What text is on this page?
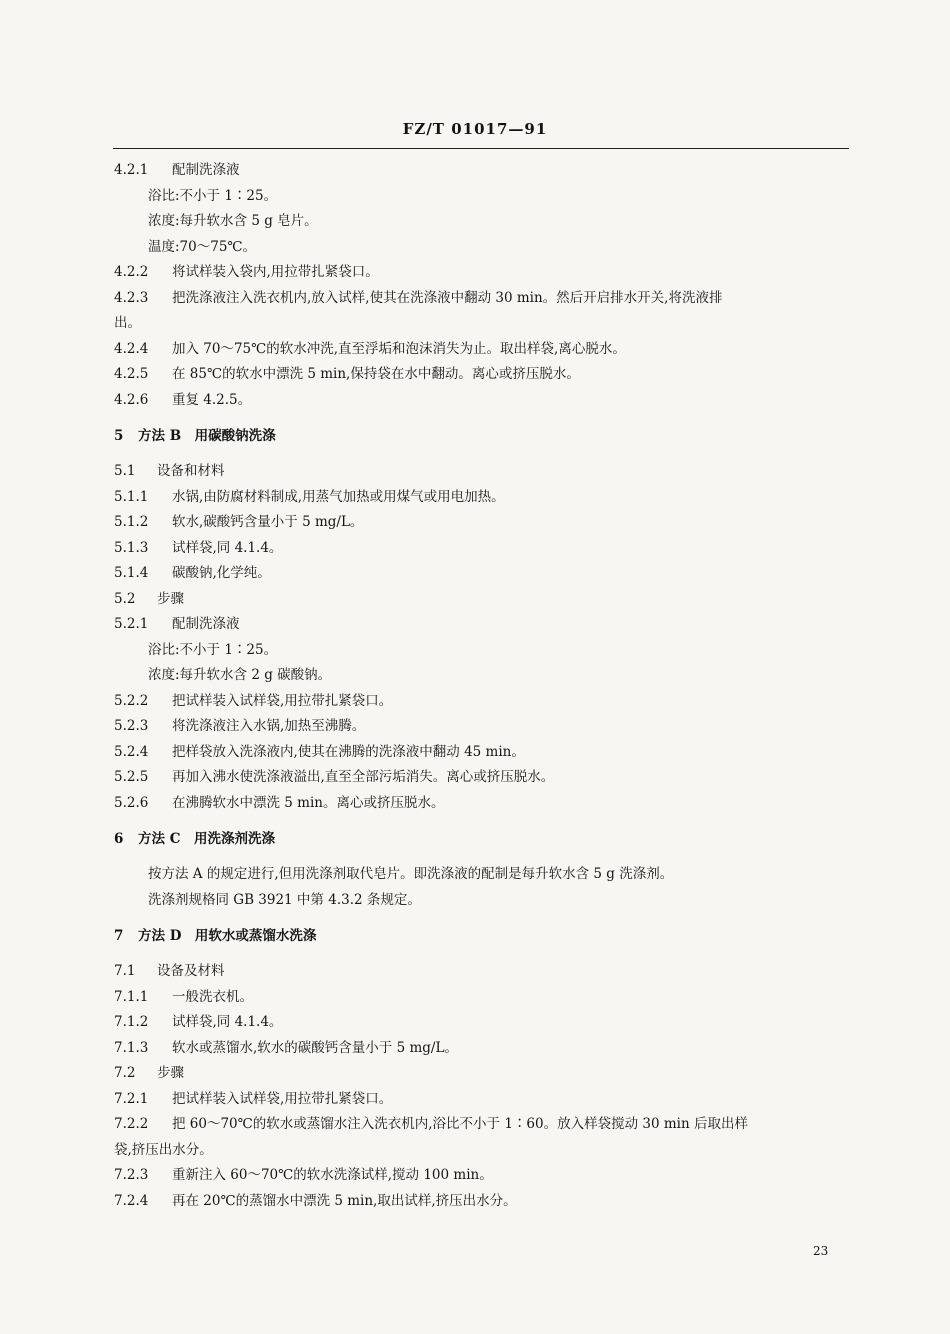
FZ/T 01017—91
4.2.1 配制洗涤液
浴比:不小于 1∶25。
浓度:每升软水含 5 g 皂片。
温度:70～75℃。
4.2.2 将试样装入袋内,用拉带扎紧袋口。
4.2.3 把洗涤液注入洗衣机内,放入试样,使其在洗涤液中翻动 30 min。然后开启排水开关,将洗液排
出。
4.2.4 加入 70～75℃的软水冲洗,直至浮垢和泡沫消失为止。取出样袋,离心脱水。
4.2.5 在 85℃的软水中漂洗 5 min,保持袋在水中翻动。离心或挤压脱水。
4.2.6 重复 4.2.5。
5 方法 B　用碳酸钠洗涤
5.1 设备和材料
5.1.1 水锅,由防腐材料制成,用蒸气加热或用煤气或用电加热。
5.1.2 软水,碳酸钙含量小于 5 mg/L。
5.1.3 试样袋,同 4.1.4。
5.1.4 碳酸钠,化学纯。
5.2 步骤
5.2.1 配制洗涤液
浴比:不小于 1∶25。
浓度:每升软水含 2 g 碳酸钠。
5.2.2 把试样装入试样袋,用拉带扎紧袋口。
5.2.3 将洗涤液注入水锅,加热至沸腾。
5.2.4 把样袋放入洗涤液内,使其在沸腾的洗涤液中翻动 45 min。
5.2.5 再加入沸水使洗涤液溢出,直至全部污垢消失。离心或挤压脱水。
5.2.6 在沸腾软水中漂洗 5 min。离心或挤压脱水。
6 方法 C　用洗涤剂洗涤
按方法 A 的规定进行,但用洗涤剂取代皂片。即洗涤液的配制是每升软水含 5 g 洗涤剂。
洗涤剂规格同 GB 3921 中第 4.3.2 条规定。
7 方法 D　用软水或蒸馏水洗涤
7.1 设备及材料
7.1.1 一般洗衣机。
7.1.2 试样袋,同 4.1.4。
7.1.3 软水或蒸馏水,软水的碳酸钙含量小于 5 mg/L。
7.2 步骤
7.2.1 把试样装入试样袋,用拉带扎紧袋口。
7.2.2 把 60～70℃的软水或蒸馏水注入洗衣机内,浴比不小于 1∶60。放入样袋搅动 30 min 后取出样
袋,挤压出水分。
7.2.3 重新注入 60～70℃的软水洗涤试样,搅动 100 min。
7.2.4 再在 20℃的蒸馏水中漂洗 5 min,取出试样,挤压出水分。
23
